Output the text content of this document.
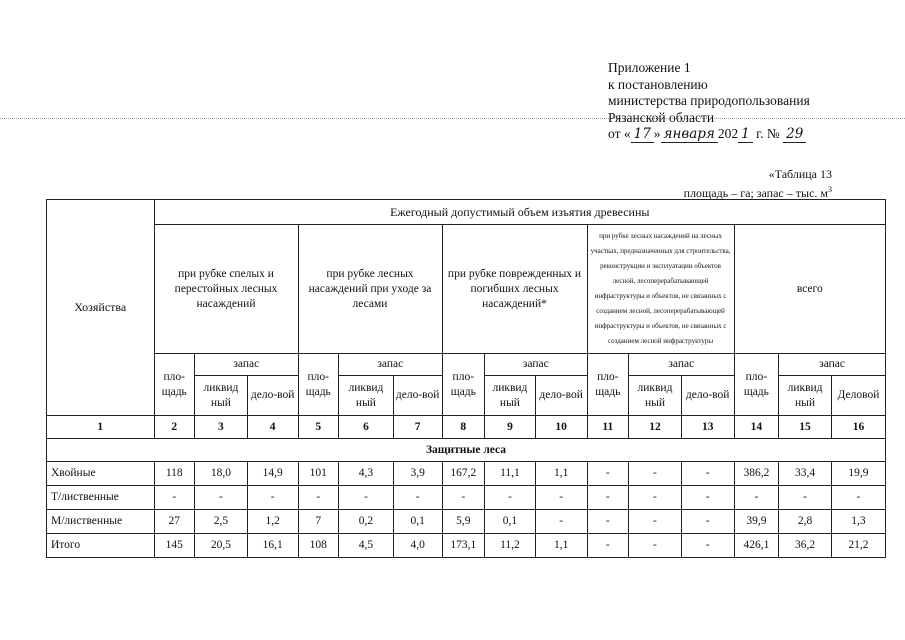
Приложение 1
к постановлению
министерства природопользования
Рязанской области
от « 17 » января 202 1 г. № 29
«Таблица 13
площадь – га; запас – тыс. $м^3$
Хозяйства	Ежегодный допустимый объем изъятия древесины														
	при рубке спелых и перестойных лесных насаждений			при рубке лесных насаждений при уходе за лесами			при рубке поврежденных и погибших лесных насаждений*			при рубке лесных насаждений на лесных участках, предназначенных для строительства, реконструкции и эксплуатации объектов лесной, лесоперерабатывающей инфраструктуры и объектов, не связанных с созданием лесной, лесоперерабатывающей инфраструктуры и объектов, не связанных с созданием лесной инфраструктуры			всего		
	пло-щадь	запас		пло-щадь	запас		пло-щадь	запас		пло-щадь	запас		пло-щадь	запас	
		ликвид ный	дело-вой		ликвид ный	дело-вой		ликвид ный	дело-вой		ликвид ный	дело-вой		ликвид ный	Деловой
1	2	3	4	5	6	7	8	9	10	11	12	13	14	15	16
Защитные леса															
Хвойные	118	18,0	14,9	101	4,3	3,9	167,2	11,1	1,1	-	-	-	386,2	33,4	19,9
Т/лиственные	-	-	-	-	-	-	-	-	-	-	-	-	-	-	-
М/лиственные	27	2,5	1,2	7	0,2	0,1	5,9	0,1	-	-	-	-	39,9	2,8	1,3
Итого	145	20,5	16,1	108	4,5	4,0	173,1	11,2	1,1	-	-	-	426,1	36,2	21,2
